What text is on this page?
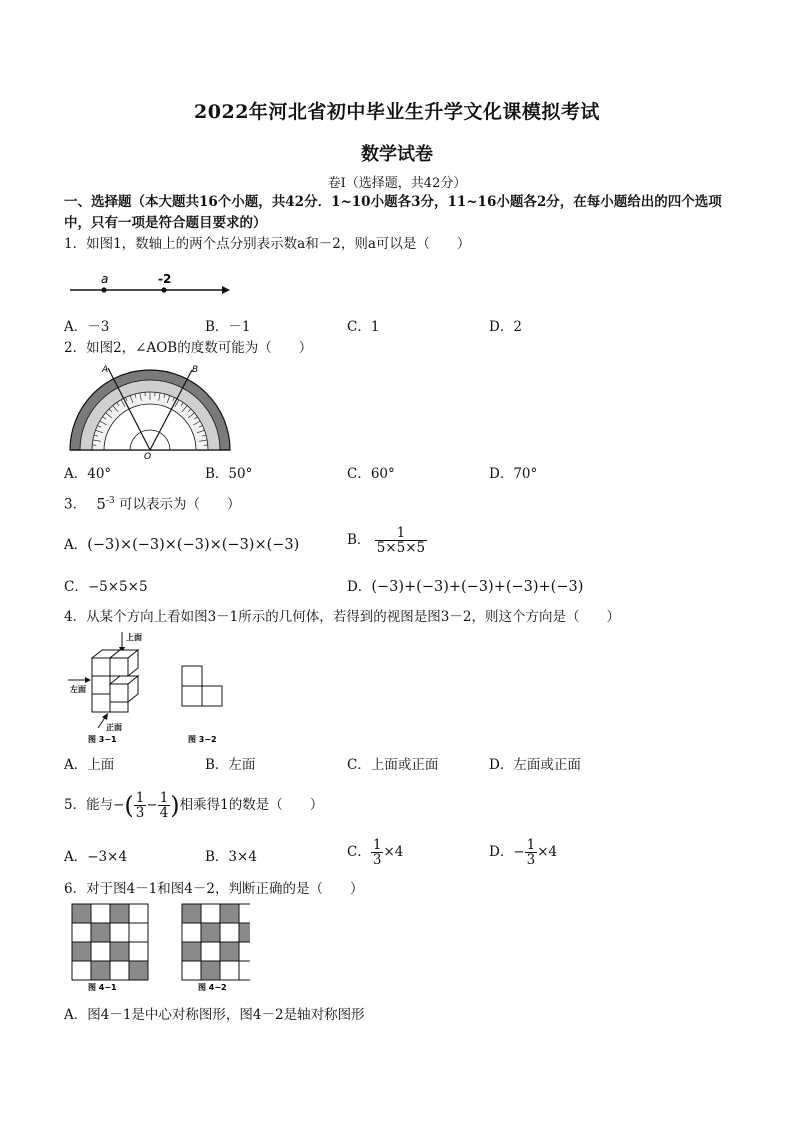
2022年河北省初中毕业生升学文化课模拟考试
数学试卷
卷Ⅰ（选择题，共42分）
一、选择题（本大题共16个小题，共42分．1~10小题各3分，11~16小题各2分，在每小题给出的四个选项中，只有一项是符合题目要求的）
1．如图1，数轴上的两个点分别表示数a和－2，则a可以是（　　）
a	-2
A．－3	B．－1	C．1	D．2
2．如图2，∠AOB的度数可能为（　　）
A	B
O
A．40°	B．50°	C．60°	D．70°
3． $5^{-3}$ 可以表示为（　　）
A．(−3)×(−3)×(−3)×(−3)×(−3)	B． $\frac{1}{5\times 5\times 5}$
C．−5×5×5	D．(−3)+(−3)+(−3)+(−3)+(−3)
4．从某个方向上看如图3－1所示的几何体，若得到的视图是图3－2，则这个方向是（　　）
上面
左面
正面
图 3−1	图 3−2
A．上面	B．左面	C．上面或正面	D．左面或正面
5．能与−( $\frac{1}{3} - \frac{1}{4}$ )相乘得1的数是（　　）
A．−3×4	B．3×4	C． $\frac{1}{3} \times 4$	D．− $\frac{1}{3} \times 4$
6．对于图4－1和图4－2，判断正确的是（　　）
图 4−1	图 4−2
A．图4－1是中心对称图形，图4－2是轴对称图形
